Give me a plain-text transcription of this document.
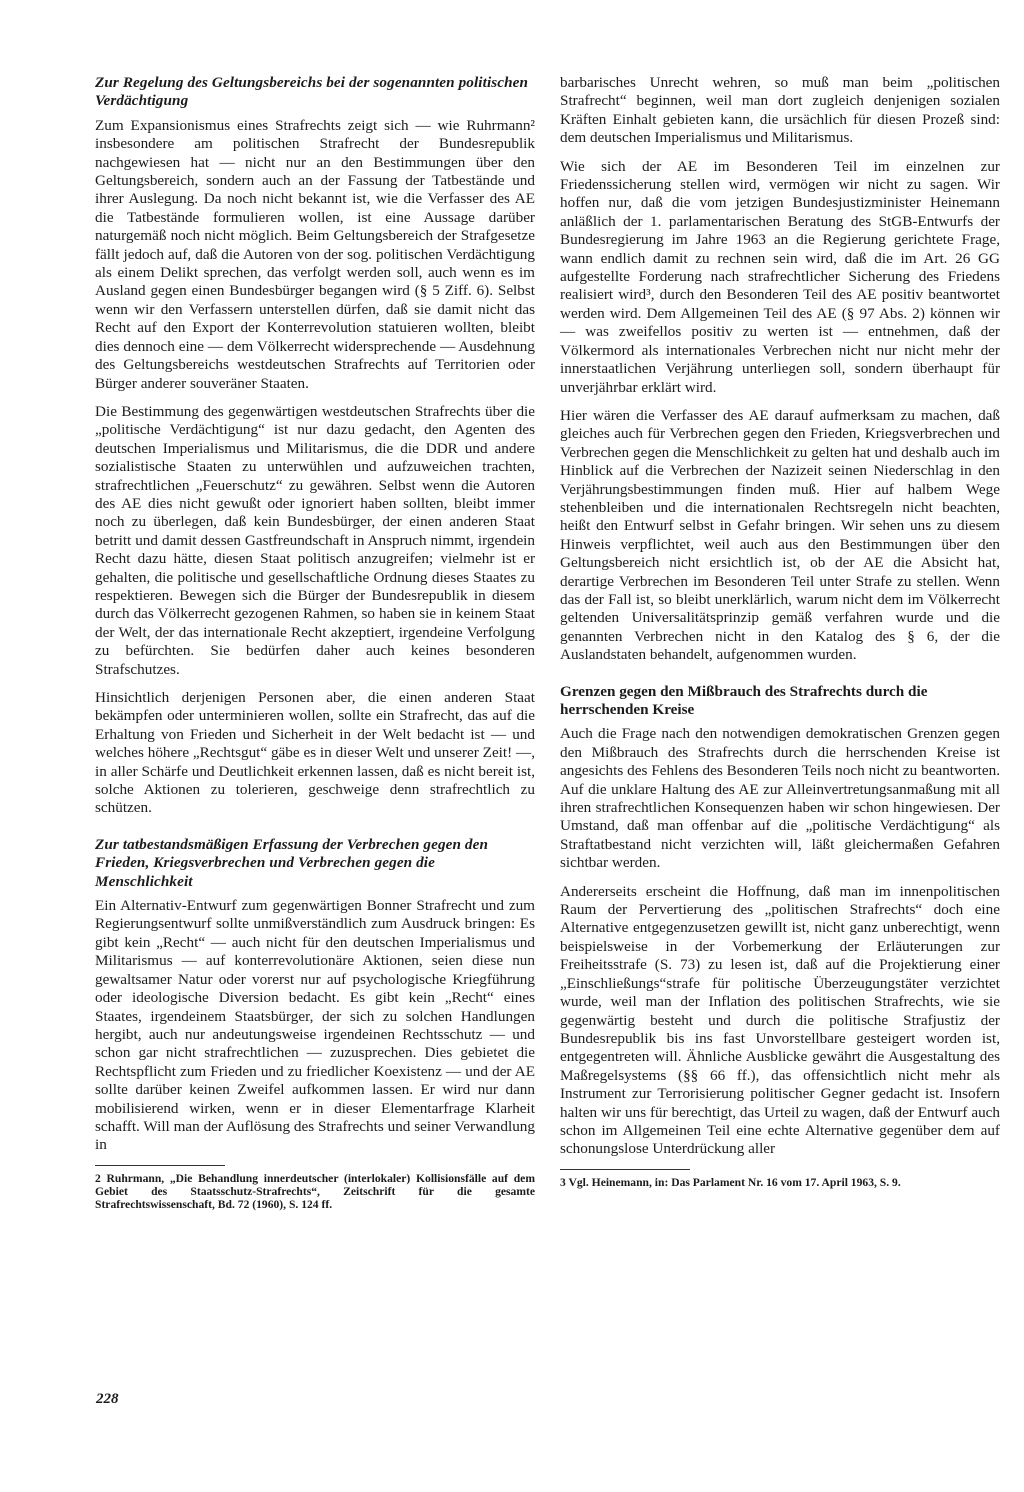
Zur Regelung des Geltungsbereichs bei der sogenannten politischen Verdächtigung

Zum Expansionismus eines Strafrechts zeigt sich — wie Ruhrmann² insbesondere am politischen Strafrecht der Bundesrepublik nachgewiesen hat — nicht nur an den Bestimmungen über den Geltungsbereich, sondern auch an der Fassung der Tatbestände und ihrer Auslegung. Da noch nicht bekannt ist, wie die Verfasser des AE die Tatbestände formulieren wollen, ist eine Aussage darüber naturgemäß noch nicht möglich. Beim Geltungsbereich der Strafgesetze fällt jedoch auf, daß die Autoren von der sog. politischen Verdächtigung als einem Delikt sprechen, das verfolgt werden soll, auch wenn es im Ausland gegen einen Bundesbürger begangen wird (§ 5 Ziff. 6). Selbst wenn wir den Verfassern unterstellen dürfen, daß sie damit nicht das Recht auf den Export der Konterrevolution statuieren wollten, bleibt dies dennoch eine — dem Völkerrecht widersprechende — Ausdehnung des Geltungsbereichs westdeutschen Strafrechts auf Territorien oder Bürger anderer souveräner Staaten.

Die Bestimmung des gegenwärtigen westdeutschen Strafrechts über die „politische Verdächtigung“ ist nur dazu gedacht, den Agenten des deutschen Imperialismus und Militarismus, die die DDR und andere sozialistische Staaten zu unterwühlen und aufzuweichen trachten, strafrechtlichen „Feuerschutz“ zu gewähren. Selbst wenn die Autoren des AE dies nicht gewußt oder ignoriert haben sollten, bleibt immer noch zu überlegen, daß kein Bundesbürger, der einen anderen Staat betritt und damit dessen Gastfreundschaft in Anspruch nimmt, irgendein Recht dazu hätte, diesen Staat politisch anzugreifen; vielmehr ist er gehalten, die politische und gesellschaftliche Ordnung dieses Staates zu respektieren. Bewegen sich die Bürger der Bundesrepublik in diesem durch das Völkerrecht gezogenen Rahmen, so haben sie in keinem Staat der Welt, der das internationale Recht akzeptiert, irgendeine Verfolgung zu befürchten. Sie bedürfen daher auch keines besonderen Strafschutzes.

Hinsichtlich derjenigen Personen aber, die einen anderen Staat bekämpfen oder unterminieren wollen, sollte ein Strafrecht, das auf die Erhaltung von Frieden und Sicherheit in der Welt bedacht ist — und welches höhere „Rechtsgut“ gäbe es in dieser Welt und unserer Zeit! —, in aller Schärfe und Deutlichkeit erkennen lassen, daß es nicht bereit ist, solche Aktionen zu tolerieren, geschweige denn strafrechtlich zu schützen.

Zur tatbestandsmäßigen Erfassung der Verbrechen gegen den Frieden, Kriegsverbrechen und Verbrechen gegen die Menschlichkeit

Ein Alternativ-Entwurf zum gegenwärtigen Bonner Strafrecht und zum Regierungsentwurf sollte unmißverständlich zum Ausdruck bringen: Es gibt kein „Recht“ — auch nicht für den deutschen Imperialismus und Militarismus — auf konterrevolutionäre Aktionen, seien diese nun gewaltsamer Natur oder vorerst nur auf psychologische Kriegführung oder ideologische Diversion bedacht. Es gibt kein „Recht“ eines Staates, irgendeinem Staatsbürger, der sich zu solchen Handlungen hergibt, auch nur andeutungsweise irgendeinen Rechtsschutz — und schon gar nicht strafrechtlichen — zuzusprechen. Dies gebietet die Rechtspflicht zum Frieden und zu friedlicher Koexistenz — und der AE sollte darüber keinen Zweifel aufkommen lassen. Er wird nur dann mobilisierend wirken, wenn er in dieser Elementarfrage Klarheit schafft. Will man der Auflösung des Strafrechts und seiner Verwandlung in

2 Ruhrmann, „Die Behandlung innerdeutscher (interlokaler) Kollisionsfälle auf dem Gebiet des Staatsschutz-Strafrechts“, Zeitschrift für die gesamte Strafrechtswissenschaft, Bd. 72 (1960), S. 124 ff.

barbarisches Unrecht wehren, so muß man beim „politischen Strafrecht“ beginnen, weil man dort zugleich denjenigen sozialen Kräften Einhalt gebieten kann, die ursächlich für diesen Prozeß sind: dem deutschen Imperialismus und Militarismus.

Wie sich der AE im Besonderen Teil im einzelnen zur Friedenssicherung stellen wird, vermögen wir nicht zu sagen. Wir hoffen nur, daß die vom jetzigen Bundesjustizminister Heinemann anläßlich der 1. parlamentarischen Beratung des StGB-Entwurfs der Bundesregierung im Jahre 1963 an die Regierung gerichtete Frage, wann endlich damit zu rechnen sein wird, daß die im Art. 26 GG aufgestellte Forderung nach strafrechtlicher Sicherung des Friedens realisiert wird³, durch den Besonderen Teil des AE positiv beantwortet werden wird. Dem Allgemeinen Teil des AE (§ 97 Abs. 2) können wir — was zweifellos positiv zu werten ist — entnehmen, daß der Völkermord als internationales Verbrechen nicht nur nicht mehr der innerstaatlichen Verjährung unterliegen soll, sondern überhaupt für unverjährbar erklärt wird.

Hier wären die Verfasser des AE darauf aufmerksam zu machen, daß gleiches auch für Verbrechen gegen den Frieden, Kriegsverbrechen und Verbrechen gegen die Menschlichkeit zu gelten hat und deshalb auch im Hinblick auf die Verbrechen der Nazizeit seinen Niederschlag in den Verjährungsbestimmungen finden muß. Hier auf halbem Wege stehenbleiben und die internationalen Rechtsregeln nicht beachten, heißt den Entwurf selbst in Gefahr bringen. Wir sehen uns zu diesem Hinweis verpflichtet, weil auch aus den Bestimmungen über den Geltungsbereich nicht ersichtlich ist, ob der AE die Absicht hat, derartige Verbrechen im Besonderen Teil unter Strafe zu stellen. Wenn das der Fall ist, so bleibt unerklärlich, warum nicht dem im Völkerrecht geltenden Universalitätsprinzip gemäß verfahren wurde und die genannten Verbrechen nicht in den Katalog des § 6, der die Auslandstaten behandelt, aufgenommen wurden.

Grenzen gegen den Mißbrauch des Strafrechts durch die herrschenden Kreise

Auch die Frage nach den notwendigen demokratischen Grenzen gegen den Mißbrauch des Strafrechts durch die herrschenden Kreise ist angesichts des Fehlens des Besonderen Teils noch nicht zu beantworten. Auf die unklare Haltung des AE zur Alleinvertretungsanmaßung mit all ihren strafrechtlichen Konsequenzen haben wir schon hingewiesen. Der Umstand, daß man offenbar auf die „politische Verdächtigung“ als Straftatbestand nicht verzichten will, läßt gleichermaßen Gefahren sichtbar werden.

Andererseits erscheint die Hoffnung, daß man im innenpolitischen Raum der Pervertierung des „politischen Strafrechts“ doch eine Alternative entgegenzusetzen gewillt ist, nicht ganz unberechtigt, wenn beispielsweise in der Vorbemerkung der Erläuterungen zur Freiheitsstrafe (S. 73) zu lesen ist, daß auf die Projektierung einer „Einschließungs“strafe für politische Überzeugungstäter verzichtet wurde, weil man der Inflation des politischen Strafrechts, wie sie gegenwärtig besteht und durch die politische Strafjustiz der Bundesrepublik bis ins fast Unvorstellbare gesteigert worden ist, entgegentreten will. Ähnliche Ausblicke gewährt die Ausgestaltung des Maßregelsystems (§§ 66 ff.), das offensichtlich nicht mehr als Instrument zur Terrorisierung politischer Gegner gedacht ist. Insofern halten wir uns für berechtigt, das Urteil zu wagen, daß der Entwurf auch schon im Allgemeinen Teil eine echte Alternative gegenüber dem auf schonungslose Unterdrückung aller

3 Vgl. Heinemann, in: Das Parlament Nr. 16 vom 17. April 1963, S. 9.

228
